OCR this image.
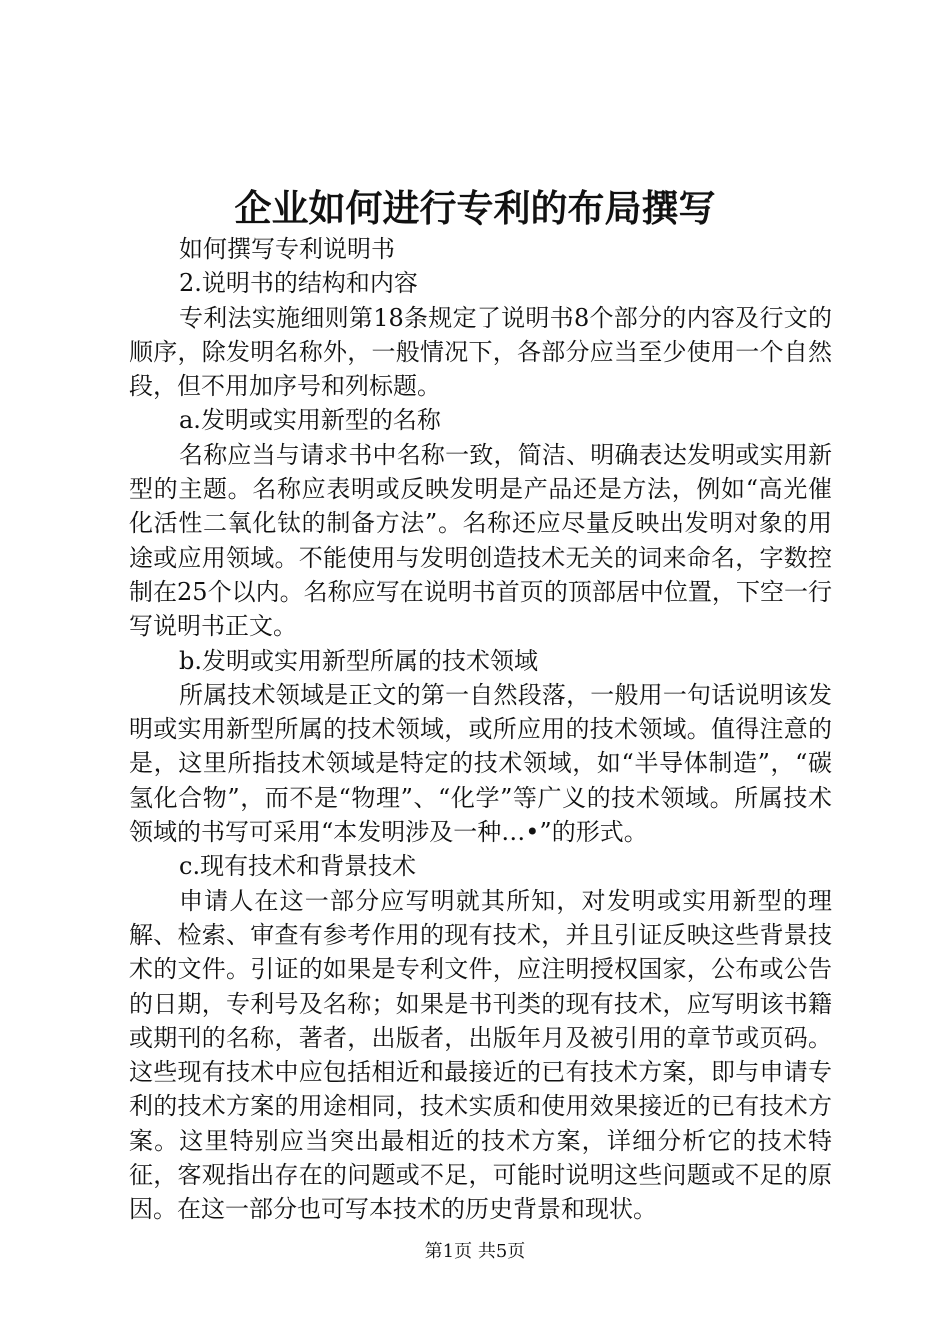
企业如何进行专利的布局撰写

如何撰写专利说明书

2.说明书的结构和内容

专利法实施细则第18条规定了说明书8个部分的内容及行文的顺序，除发明名称外，一般情况下，各部分应当至少使用一个自然段，但不用加序号和列标题。

a.发明或实用新型的名称

名称应当与请求书中名称一致，简洁、明确表达发明或实用新型的主题。名称应表明或反映发明是产品还是方法，例如“高光催化活性二氧化钛的制备方法”。名称还应尽量反映出发明对象的用途或应用领域。不能使用与发明创造技术无关的词来命名，字数控制在25个以内。名称应写在说明书首页的顶部居中位置，下空一行写说明书正文。

b.发明或实用新型所属的技术领域

所属技术领域是正文的第一自然段落，一般用一句话说明该发明或实用新型所属的技术领域，或所应用的技术领域。值得注意的是，这里所指技术领域是特定的技术领域，如“半导体制造”，“碳氢化合物”，而不是“物理”、“化学”等广义的技术领域。所属技术领域的书写可采用“本发明涉及一种…•”的形式。

c.现有技术和背景技术

申请人在这一部分应写明就其所知，对发明或实用新型的理解、检索、审查有参考作用的现有技术，并且引证反映这些背景技术的文件。引证的如果是专利文件，应注明授权国家，公布或公告的日期，专利号及名称；如果是书刊类的现有技术，应写明该书籍或期刊的名称，著者，出版者，出版年月及被引用的章节或页码。这些现有技术中应包括相近和最接近的已有技术方案，即与申请专利的技术方案的用途相同，技术实质和使用效果接近的已有技术方案。这里特别应当突出最相近的技术方案，详细分析它的技术特征，客观指出存在的问题或不足，可能时说明这些问题或不足的原因。在这一部分也可写本技术的历史背景和现状。

第1页 共5页
